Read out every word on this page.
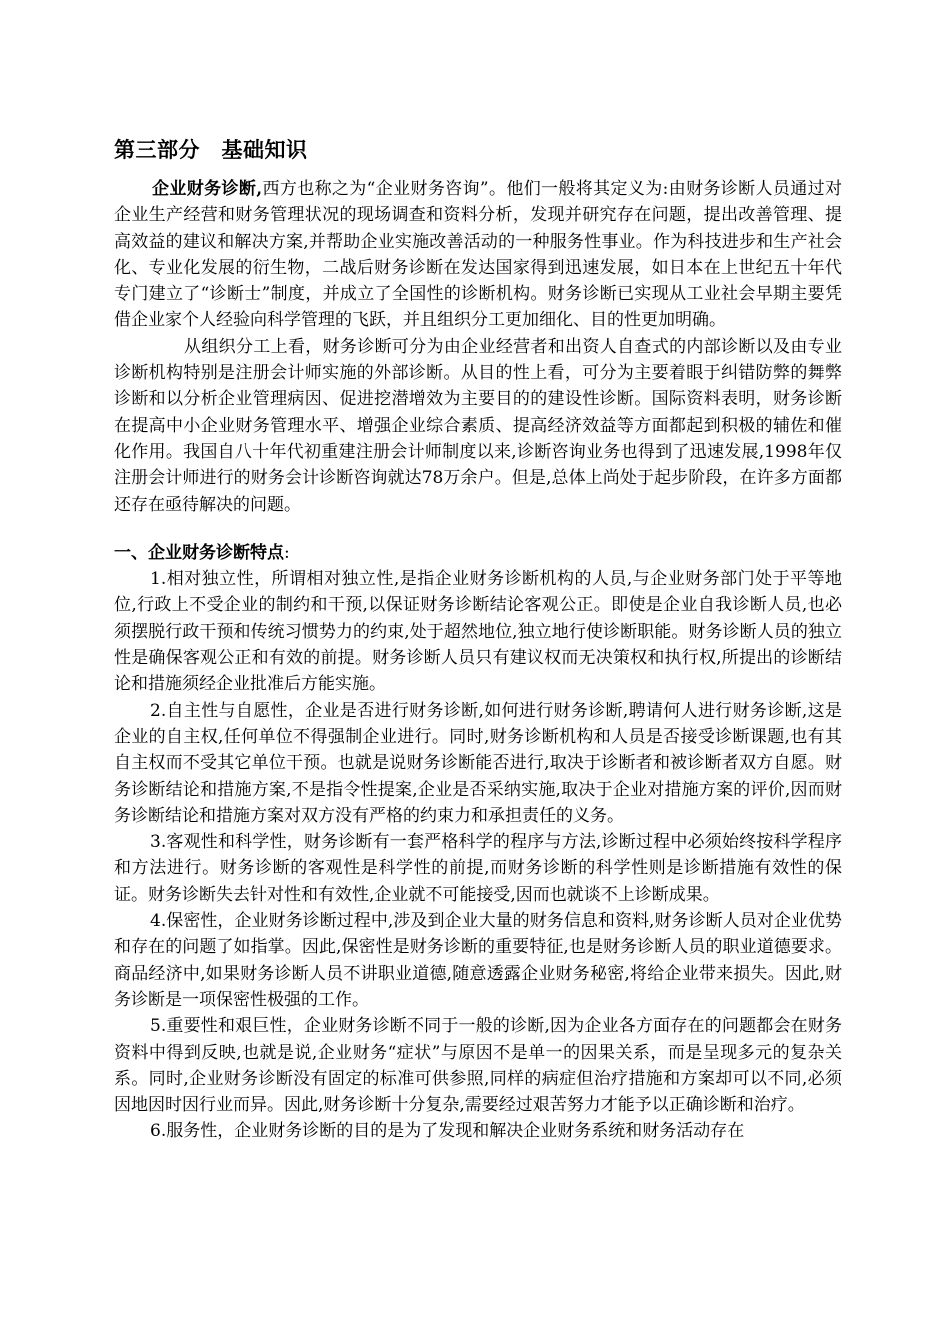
第三部分　基础知识

企业财务诊断,西方也称之为“企业财务咨询”。他们一般将其定义为:由财务诊断人员通过对企业生产经营和财务管理状况的现场调查和资料分析，发现并研究存在问题，提出改善管理、提高效益的建议和解决方案,并帮助企业实施改善活动的一种服务性事业。作为科技进步和生产社会化、专业化发展的衍生物，二战后财务诊断在发达国家得到迅速发展，如日本在上世纪五十年代专门建立了“诊断士”制度，并成立了全国性的诊断机构。财务诊断已实现从工业社会早期主要凭借企业家个人经验向科学管理的飞跃，并且组织分工更加细化、目的性更加明确。

从组织分工上看，财务诊断可分为由企业经营者和出资人自查式的内部诊断以及由专业诊断机构特别是注册会计师实施的外部诊断。从目的性上看，可分为主要着眼于纠错防弊的舞弊诊断和以分析企业管理病因、促进挖潜增效为主要目的的建设性诊断。国际资料表明，财务诊断在提高中小企业财务管理水平、增强企业综合素质、提高经济效益等方面都起到积极的辅佐和催化作用。我国自八十年代初重建注册会计师制度以来,诊断咨询业务也得到了迅速发展,1998年仅注册会计师进行的财务会计诊断咨询就达78万余户。但是,总体上尚处于起步阶段，在许多方面都还存在亟待解决的问题。

一、企业财务诊断特点:

1.相对独立性，所谓相对独立性,是指企业财务诊断机构的人员,与企业财务部门处于平等地位,行政上不受企业的制约和干预,以保证财务诊断结论客观公正。即使是企业自我诊断人员,也必须摆脱行政干预和传统习惯势力的约束,处于超然地位,独立地行使诊断职能。财务诊断人员的独立性是确保客观公正和有效的前提。财务诊断人员只有建议权而无决策权和执行权,所提出的诊断结论和措施须经企业批准后方能实施。

2.自主性与自愿性，企业是否进行财务诊断,如何进行财务诊断,聘请何人进行财务诊断,这是企业的自主权,任何单位不得强制企业进行。同时,财务诊断机构和人员是否接受诊断课题,也有其自主权而不受其它单位干预。也就是说财务诊断能否进行,取决于诊断者和被诊断者双方自愿。财务诊断结论和措施方案,不是指令性提案,企业是否采纳实施,取决于企业对措施方案的评价,因而财务诊断结论和措施方案对双方没有严格的约束力和承担责任的义务。

3.客观性和科学性，财务诊断有一套严格科学的程序与方法,诊断过程中必须始终按科学程序和方法进行。财务诊断的客观性是科学性的前提,而财务诊断的科学性则是诊断措施有效性的保证。财务诊断失去针对性和有效性,企业就不可能接受,因而也就谈不上诊断成果。

4.保密性，企业财务诊断过程中,涉及到企业大量的财务信息和资料,财务诊断人员对企业优势和存在的问题了如指掌。因此,保密性是财务诊断的重要特征,也是财务诊断人员的职业道德要求。商品经济中,如果财务诊断人员不讲职业道德,随意透露企业财务秘密,将给企业带来损失。因此,财务诊断是一项保密性极强的工作。

5.重要性和艰巨性，企业财务诊断不同于一般的诊断,因为企业各方面存在的问题都会在财务资料中得到反映,也就是说,企业财务“症状”与原因不是单一的因果关系，而是呈现多元的复杂关系。同时,企业财务诊断没有固定的标准可供参照,同样的病症但治疗措施和方案却可以不同,必须因地因时因行业而异。因此,财务诊断十分复杂,需要经过艰苦努力才能予以正确诊断和治疗。

6.服务性，企业财务诊断的目的是为了发现和解决企业财务系统和财务活动存在
